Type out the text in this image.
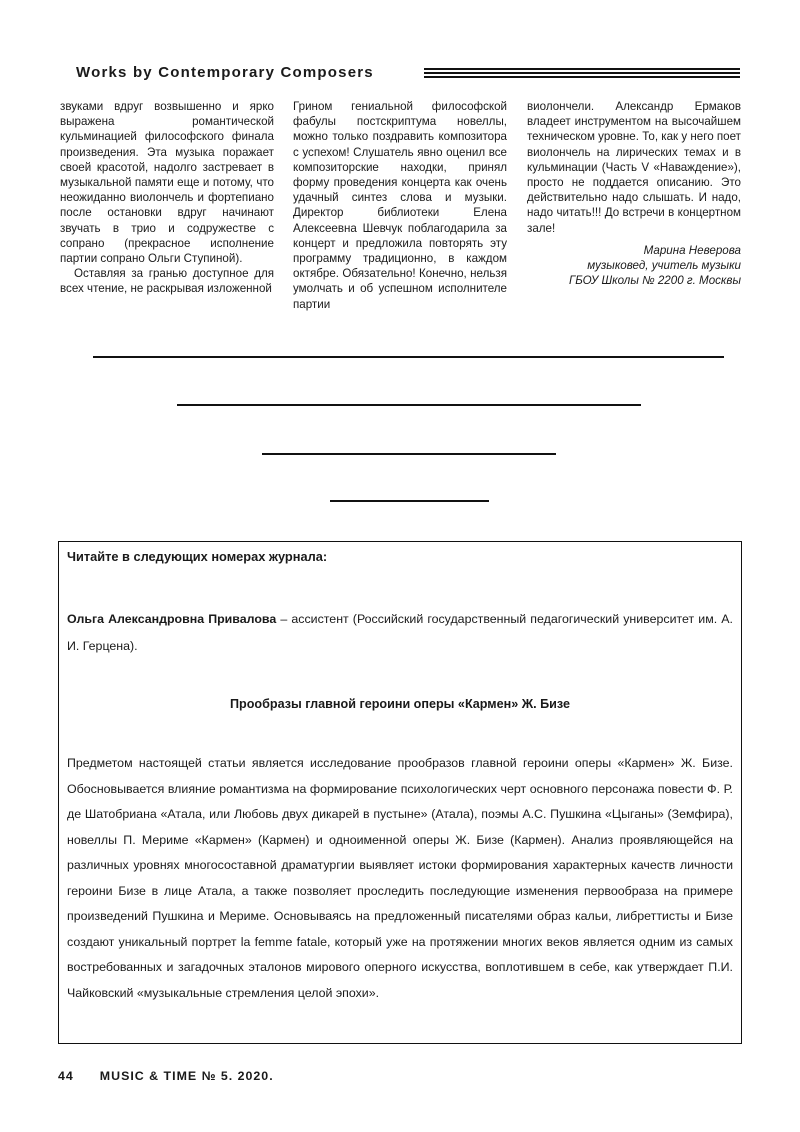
Works by Contemporary Composers

звуками вдруг возвышенно и ярко выражена романтической кульминацией философского финала произведения. Эта музыка поражает своей красотой, надолго застревает в музыкальной памяти еще и потому, что неожиданно виолончель и фортепиано после остановки вдруг начинают звучать в трио и содружестве с сопрано (прекрасное исполнение партии сопрано Ольги Ступиной).

Оставляя за гранью доступное для всех чтение, не раскрывая изложенной

Грином гениальной философской фабулы постскриптума новеллы, можно только поздравить композитора с успехом! Слушатель явно оценил все композиторские находки, принял форму проведения концерта как очень удачный синтез слова и музыки. Директор библиотеки Елена Алексеевна Шевчук поблагодарила за концерт и предложила повторять эту программу традиционно, в каждом октябре. Обязательно! Конечно, нельзя умолчать и об успешном исполнителе партии

виолончели. Александр Ермаков владеет инструментом на высочайшем техническом уровне. То, как у него поет виолончель на лирических темах и в кульминации (Часть V «Наваждение»), просто не поддается описанию. Это действительно надо слышать. И надо, надо читать!!! До встречи в концертном зале!

Марина Неверова

музыковед, учитель музыки

ГБОУ Школы № 2200 г. Москвы

Читайте в следующих номерах журнала:
Ольга Александровна Привалова – ассистент (Российский государственный педагогический университет им. А. И. Герцена).
Прообразы главной героини оперы «Кармен» Ж. Бизе
Предметом настоящей статьи является исследование прообразов главной героини оперы «Кармен» Ж. Бизе. Обосновывается влияние романтизма на формирование психологических черт основного персонажа повести Ф. Р. де Шатобриана «Атала, или Любовь двух дикарей в пустыне» (Атала), поэмы А.С. Пушкина «Цыганы» (Земфира), новеллы П. Мериме «Кармен» (Кармен) и одноименной оперы Ж. Бизе (Кармен). Анализ проявляющейся на различных уровнях многосоставной драматургии выявляет истоки формирования характерных качеств личности героини Бизе в лице Атала, а также позволяет проследить последующие изменения первообраза на примере произведений Пушкина и Мериме. Основываясь на предложенный писателями образ кальи, либреттисты и Бизе создают уникальный портрет la femme fatale, который уже на протяжении многих веков является одним из самых востребованных и загадочных эталонов мирового оперного искусства, воплотившем в себе, как утверждает П.И. Чайковский «музыкальные стремления целой эпохи».
44 MUSIC & TIME № 5. 2020.
